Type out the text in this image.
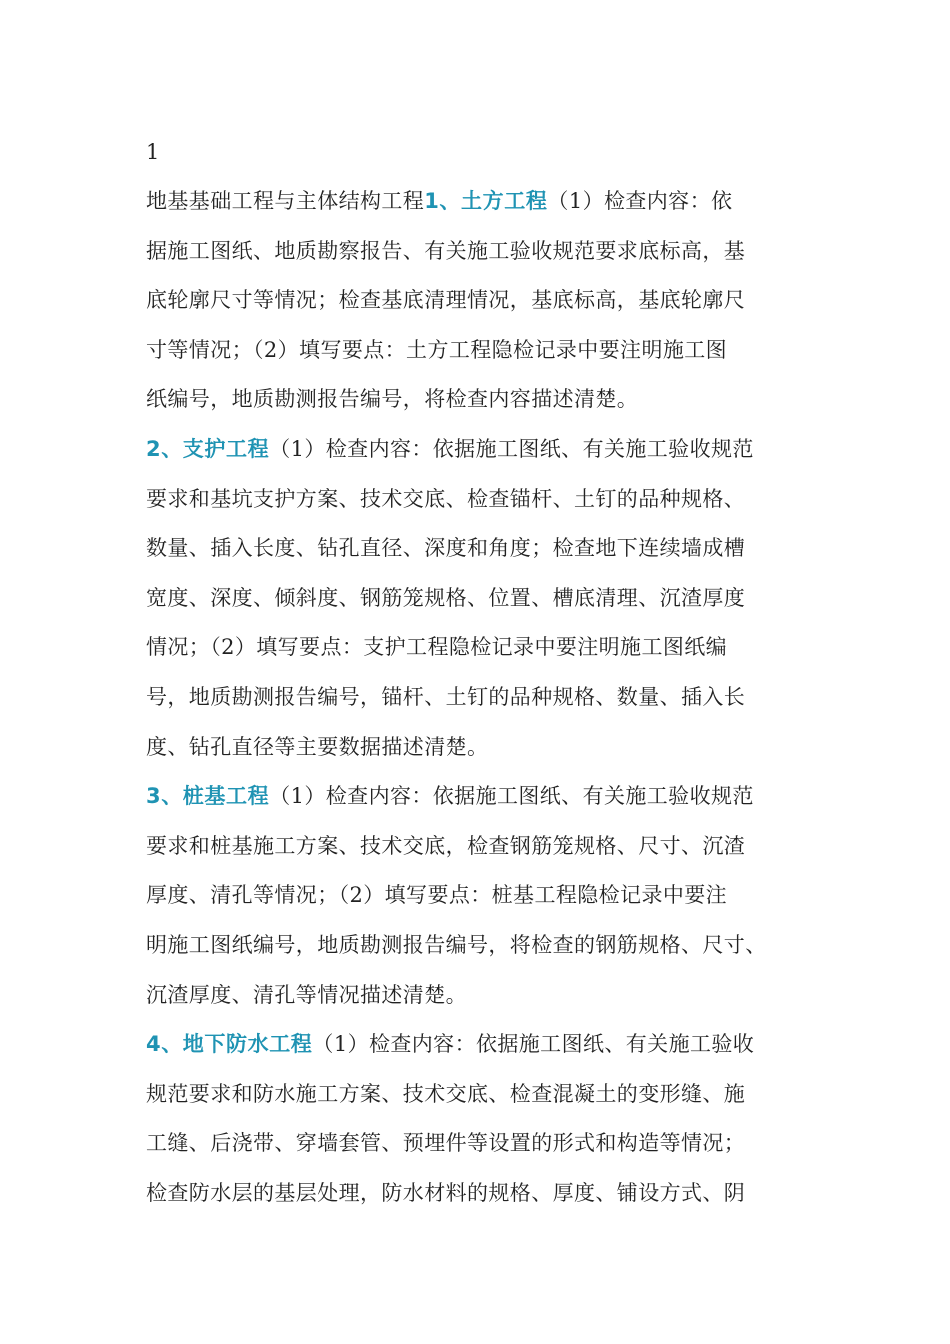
1
地基基础工程与主体结构工程1、土方工程（1）检查内容：依
据施工图纸、地质勘察报告、有关施工验收规范要求底标高，基
底轮廓尺寸等情况；检查基底清理情况，基底标高，基底轮廓尺
寸等情况；（2）填写要点：土方工程隐检记录中要注明施工图
纸编号，地质勘测报告编号，将检查内容描述清楚。
2、支护工程（1）检查内容：依据施工图纸、有关施工验收规范
要求和基坑支护方案、技术交底、检查锚杆、土钉的品种规格、
数量、插入长度、钻孔直径、深度和角度；检查地下连续墙成槽
宽度、深度、倾斜度、钢筋笼规格、位置、槽底清理、沉渣厚度
情况；（2）填写要点：支护工程隐检记录中要注明施工图纸编
号，地质勘测报告编号，锚杆、土钉的品种规格、数量、插入长
度、钻孔直径等主要数据描述清楚。
3、桩基工程（1）检查内容：依据施工图纸、有关施工验收规范
要求和桩基施工方案、技术交底，检查钢筋笼规格、尺寸、沉渣
厚度、清孔等情况；（2）填写要点：桩基工程隐检记录中要注
明施工图纸编号，地质勘测报告编号，将检查的钢筋规格、尺寸、
沉渣厚度、清孔等情况描述清楚。
4、地下防水工程（1）检查内容：依据施工图纸、有关施工验收
规范要求和防水施工方案、技术交底、检查混凝土的变形缝、施
工缝、后浇带、穿墙套管、预埋件等设置的形式和构造等情况；
检查防水层的基层处理，防水材料的规格、厚度、铺设方式、阴
